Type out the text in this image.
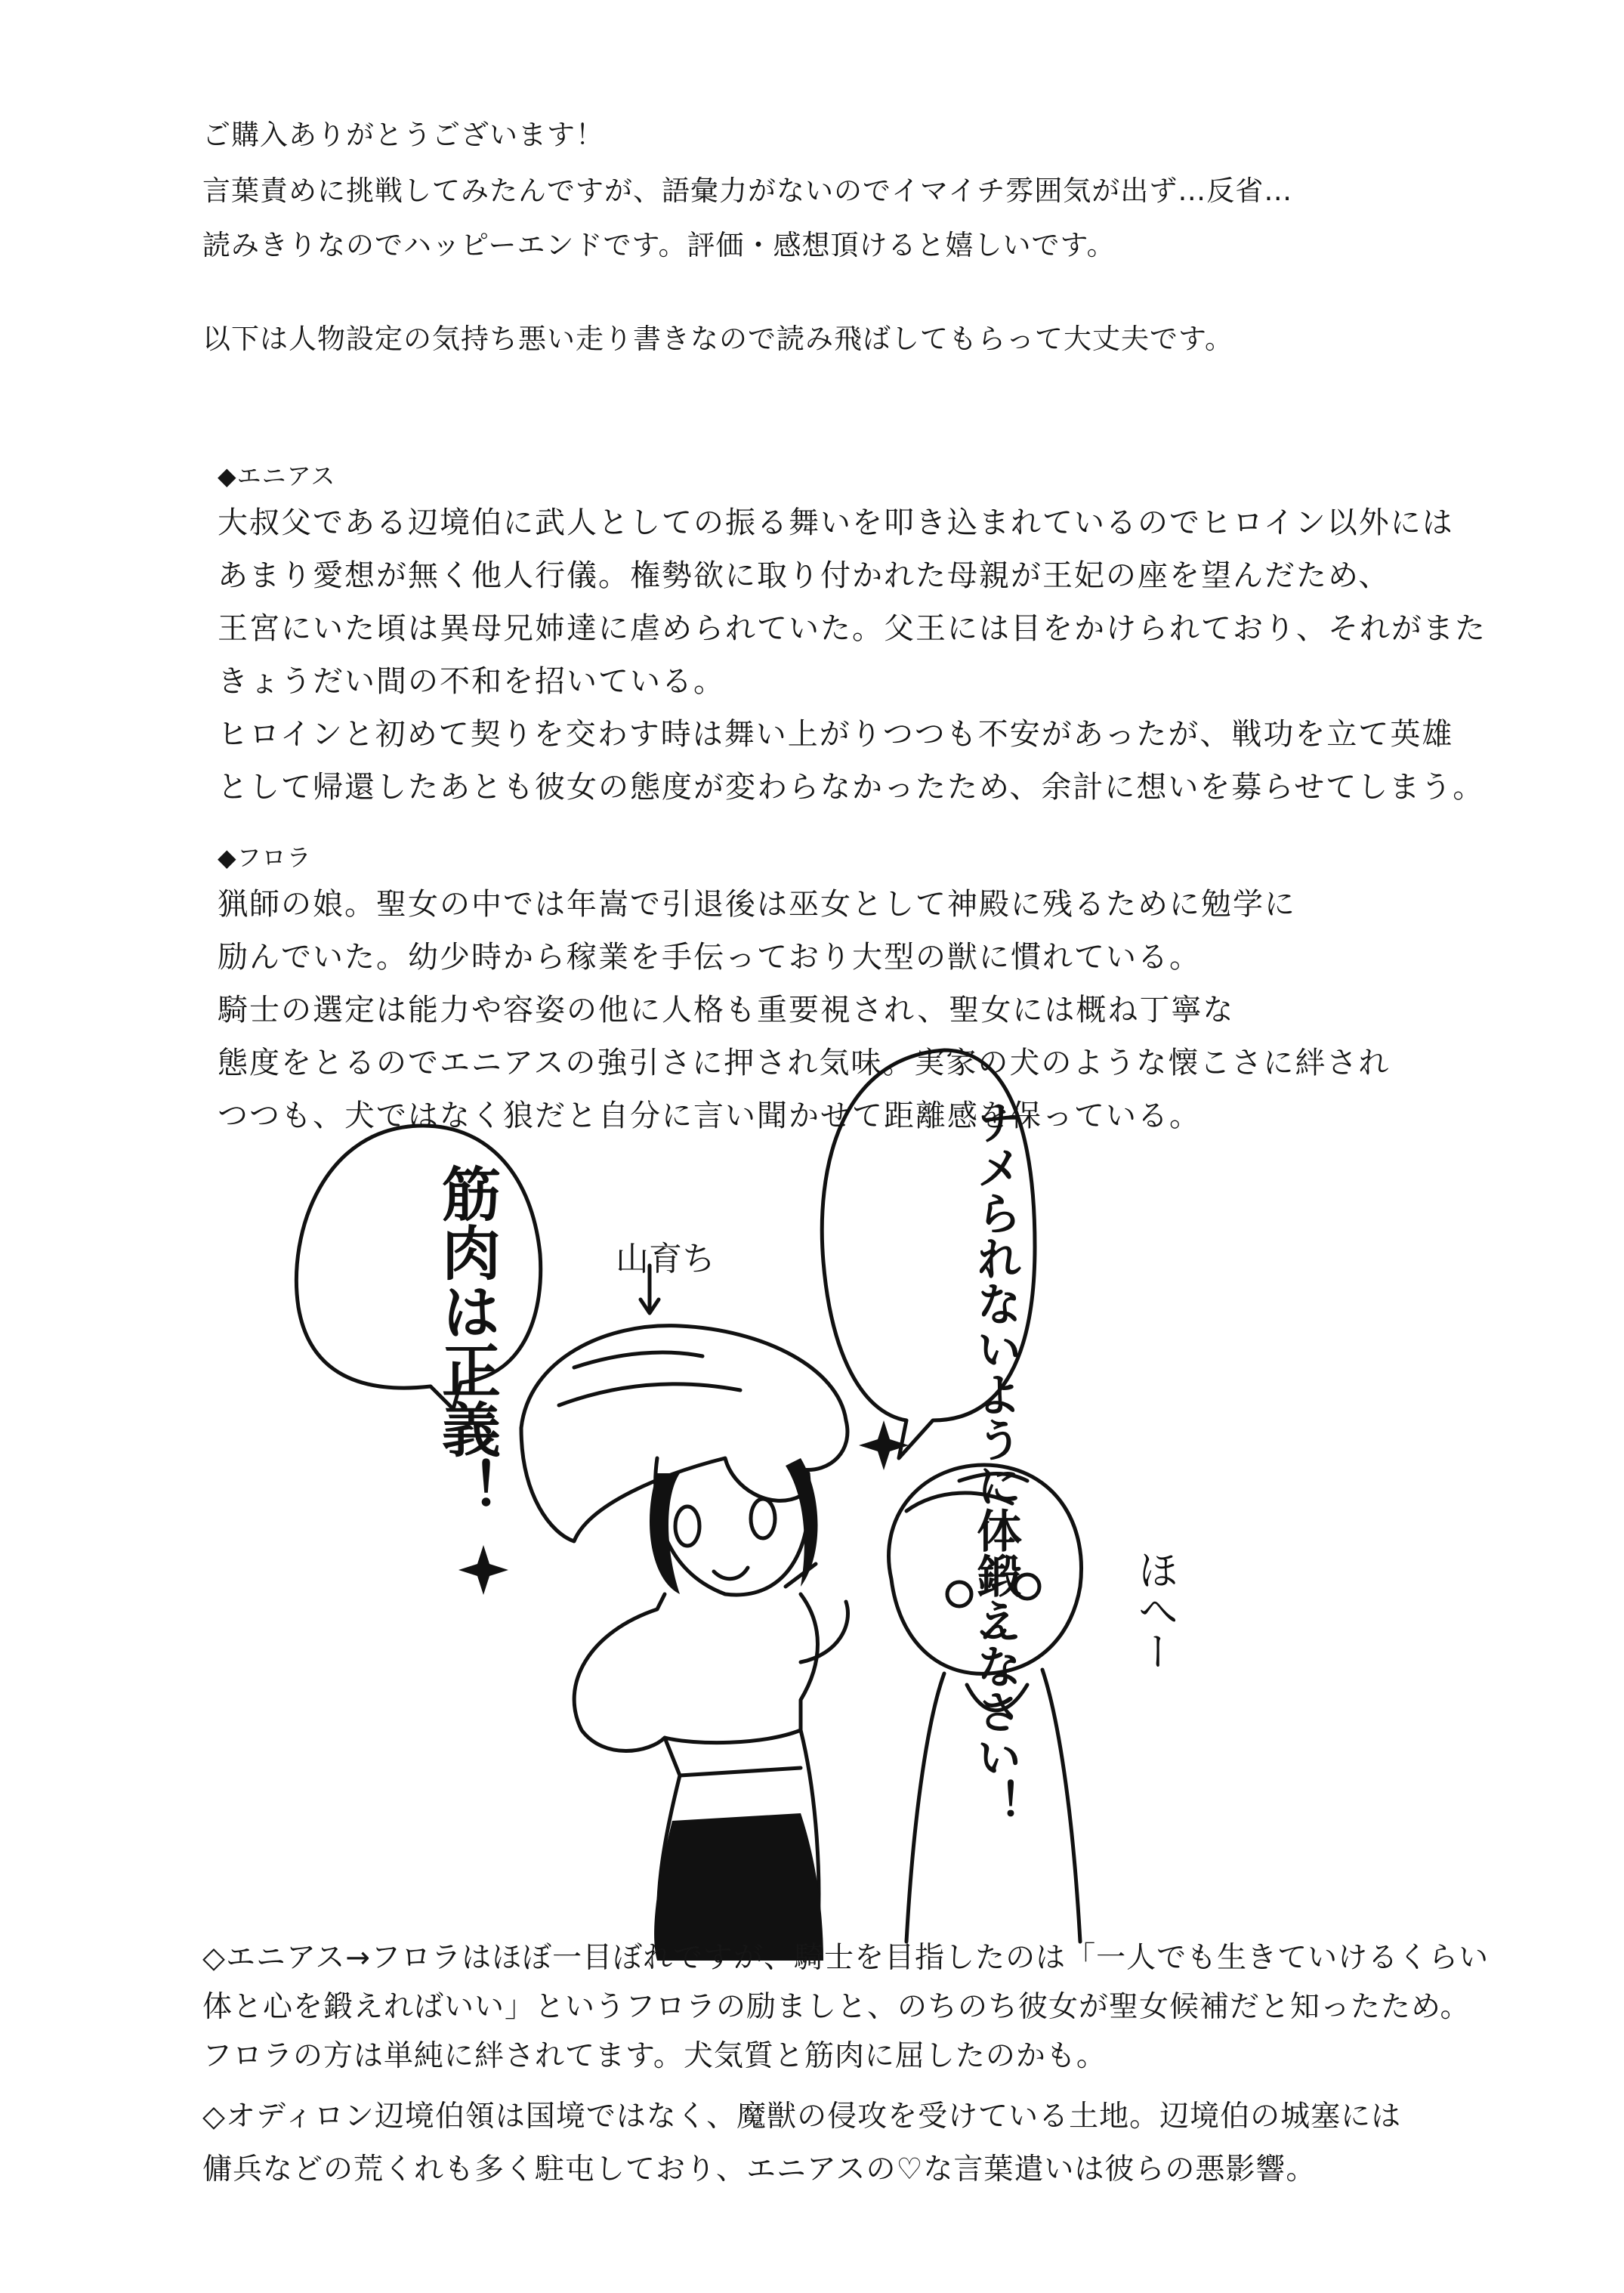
ご購入ありがとうございます！
言葉責めに挑戦してみたんですが、語彙力がないのでイマイチ雰囲気が出ず…反省…
読みきりなのでハッピーエンドです。評価・感想頂けると嬉しいです。
以下は人物設定の気持ち悪い走り書きなので読み飛ばしてもらって大丈夫です。
◆エニアス
大叔父である辺境伯に武人としての振る舞いを叩き込まれているのでヒロイン以外には
あまり愛想が無く他人行儀。権勢欲に取り付かれた母親が王妃の座を望んだため、
王宮にいた頃は異母兄姉達に虐められていた。父王には目をかけられており、それがまた
きょうだい間の不和を招いている。
ヒロインと初めて契りを交わす時は舞い上がりつつも不安があったが、戦功を立て英雄
として帰還したあとも彼女の態度が変わらなかったため、余計に想いを募らせてしまう。
◆フロラ
猟師の娘。聖女の中では年嵩で引退後は巫女として神殿に残るために勉学に
励んでいた。幼少時から稼業を手伝っており大型の獣に慣れている。
騎士の選定は能力や容姿の他に人格も重要視され、聖女には概ね丁寧な
態度をとるのでエニアスの強引さに押され気味。実家の犬のような懐こさに絆され
つつも、犬ではなく狼だと自分に言い聞かせて距離感を保っている。
筋肉は正義！	ナメられないように体鍛えなさい！
山育ち
ほへー
◇エニアス→フロラはほぼ一目ぼれですが、騎士を目指したのは「一人でも生きていけるくらい
体と心を鍛えればいい」というフロラの励ましと、のちのち彼女が聖女候補だと知ったため。
フロラの方は単純に絆されてます。犬気質と筋肉に屈したのかも。
◇オディロン辺境伯領は国境ではなく、魔獣の侵攻を受けている土地。辺境伯の城塞には
傭兵などの荒くれも多く駐屯しており、エニアスの♡な言葉遣いは彼らの悪影響。
